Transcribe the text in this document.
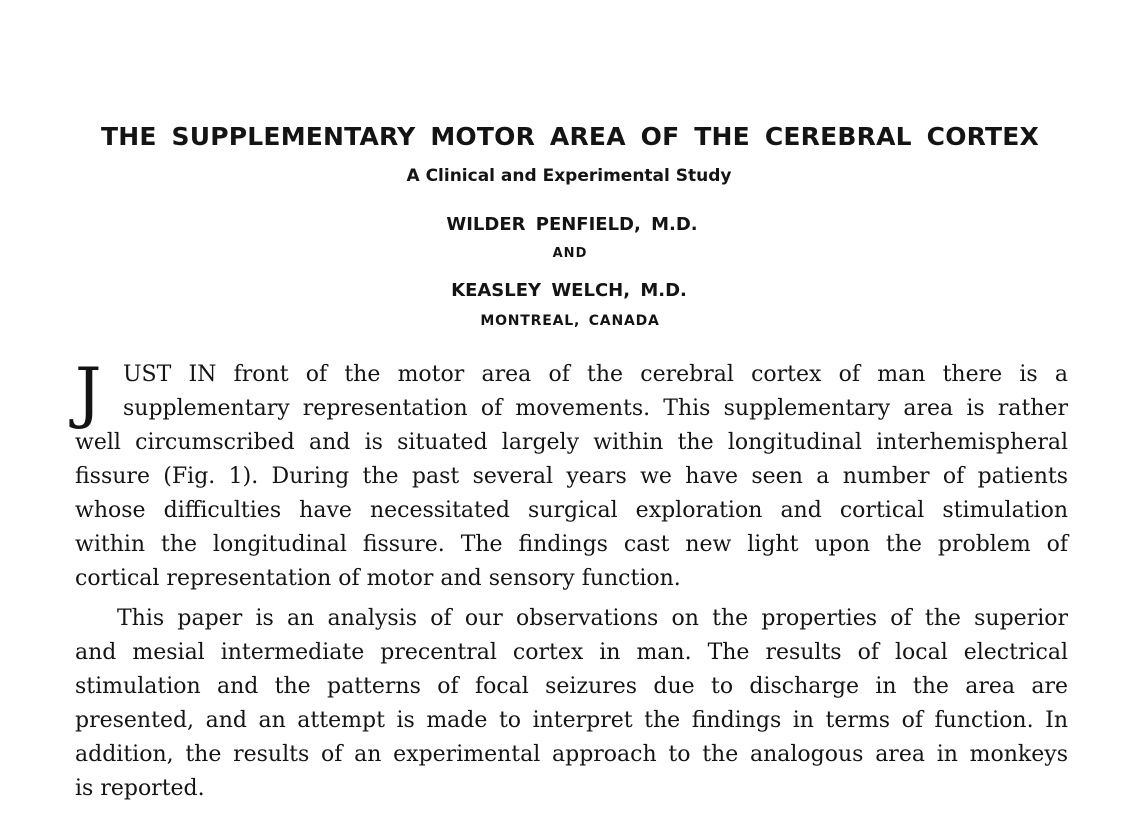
THE SUPPLEMENTARY MOTOR AREA OF THE CEREBRAL CORTEX
A Clinical and Experimental Study
WILDER PENFIELD, M.D.
AND
KEASLEY WELCH, M.D.
MONTREAL, CANADA
J UST IN front of the motor area of the cerebral cortex of man there is a
supplementary representation of movements. This supplementary area is rather
well circumscribed and is situated largely within the longitudinal interhemispheral
fissure (Fig. 1). During the past several years we have seen a number of patients
whose difficulties have necessitated surgical exploration and cortical stimulation
within the longitudinal fissure. The findings cast new light upon the problem of
cortical representation of motor and sensory function.
This paper is an analysis of our observations on the properties of the superior
and mesial intermediate precentral cortex in man. The results of local electrical
stimulation and the patterns of focal seizures due to discharge in the area are
presented, and an attempt is made to interpret the findings in terms of function. In
addition, the results of an experimental approach to the analogous area in monkeys
is reported.
